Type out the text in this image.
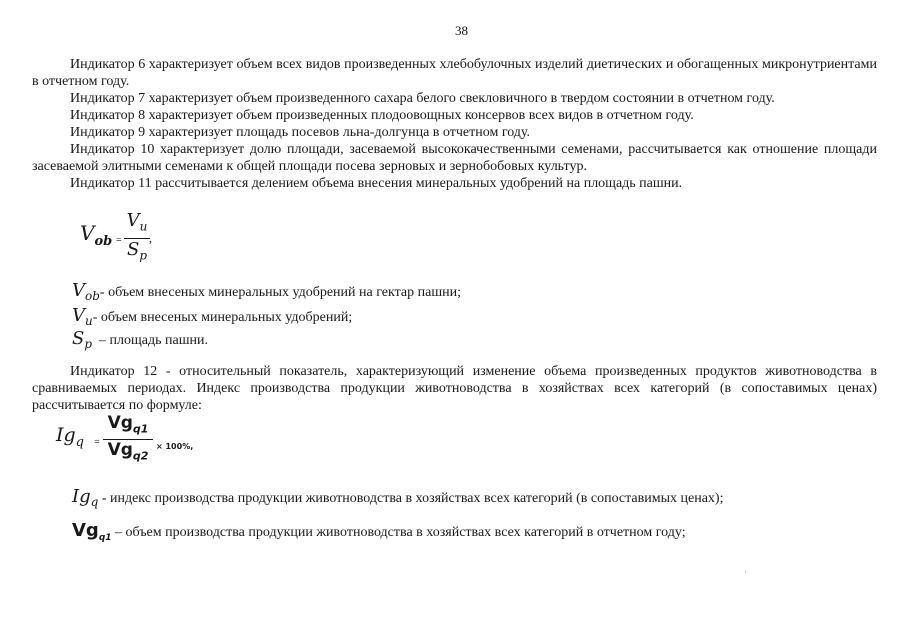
38
Индикатор 6 характеризует объем всех видов произведенных хлебобулочных изделий диетических и обогащенных микронутриентами в отчетном году.
Индикатор 7 характеризует объем произведенного сахара белого свекловичного в твердом состоянии в отчетном году.
Индикатор 8 характеризует объем произведенных плодоовощных консервов всех видов в отчетном году.
Индикатор 9 характеризует площадь посевов льна-долгунца в отчетном году.
Индикатор 10 характеризует долю площади, засеваемой высококачественными семенами, рассчитывается как отношение площади засеваемой элитными семенами к общей площади посева зерновых и зернобобовых культур.
Индикатор 11 рассчитывается делением объема внесения минеральных удобрений на площадь пашни.
$V_{ob}$ =
$V_u$
$S_p$
,
$V_{ob}-$ объем внесеных минеральных удобрений на гектар пашни;
$V_u-$ объем внесеных минеральных удобрений;
$S_p$ – площадь пашни.
Индикатор 12 - относительный показатель, характеризующий изменение объема произведенных продуктов животноводства в сравниваемых периодах. Индекс производства продукции животноводства в хозяйствах всех категорий (в сопоставимых ценах) рассчитывается по формуле:
$Ig_q$ =
$Vg_{q1}$
$Vg_{q2}$
× 100%,
$Ig_q$ - индекс производства продукции животноводства в хозяйствах всех категорий (в сопоставимых ценах);
$Vg_{q1}$ – объем производства продукции животноводства в хозяйствах всех категорий в отчетном году;
